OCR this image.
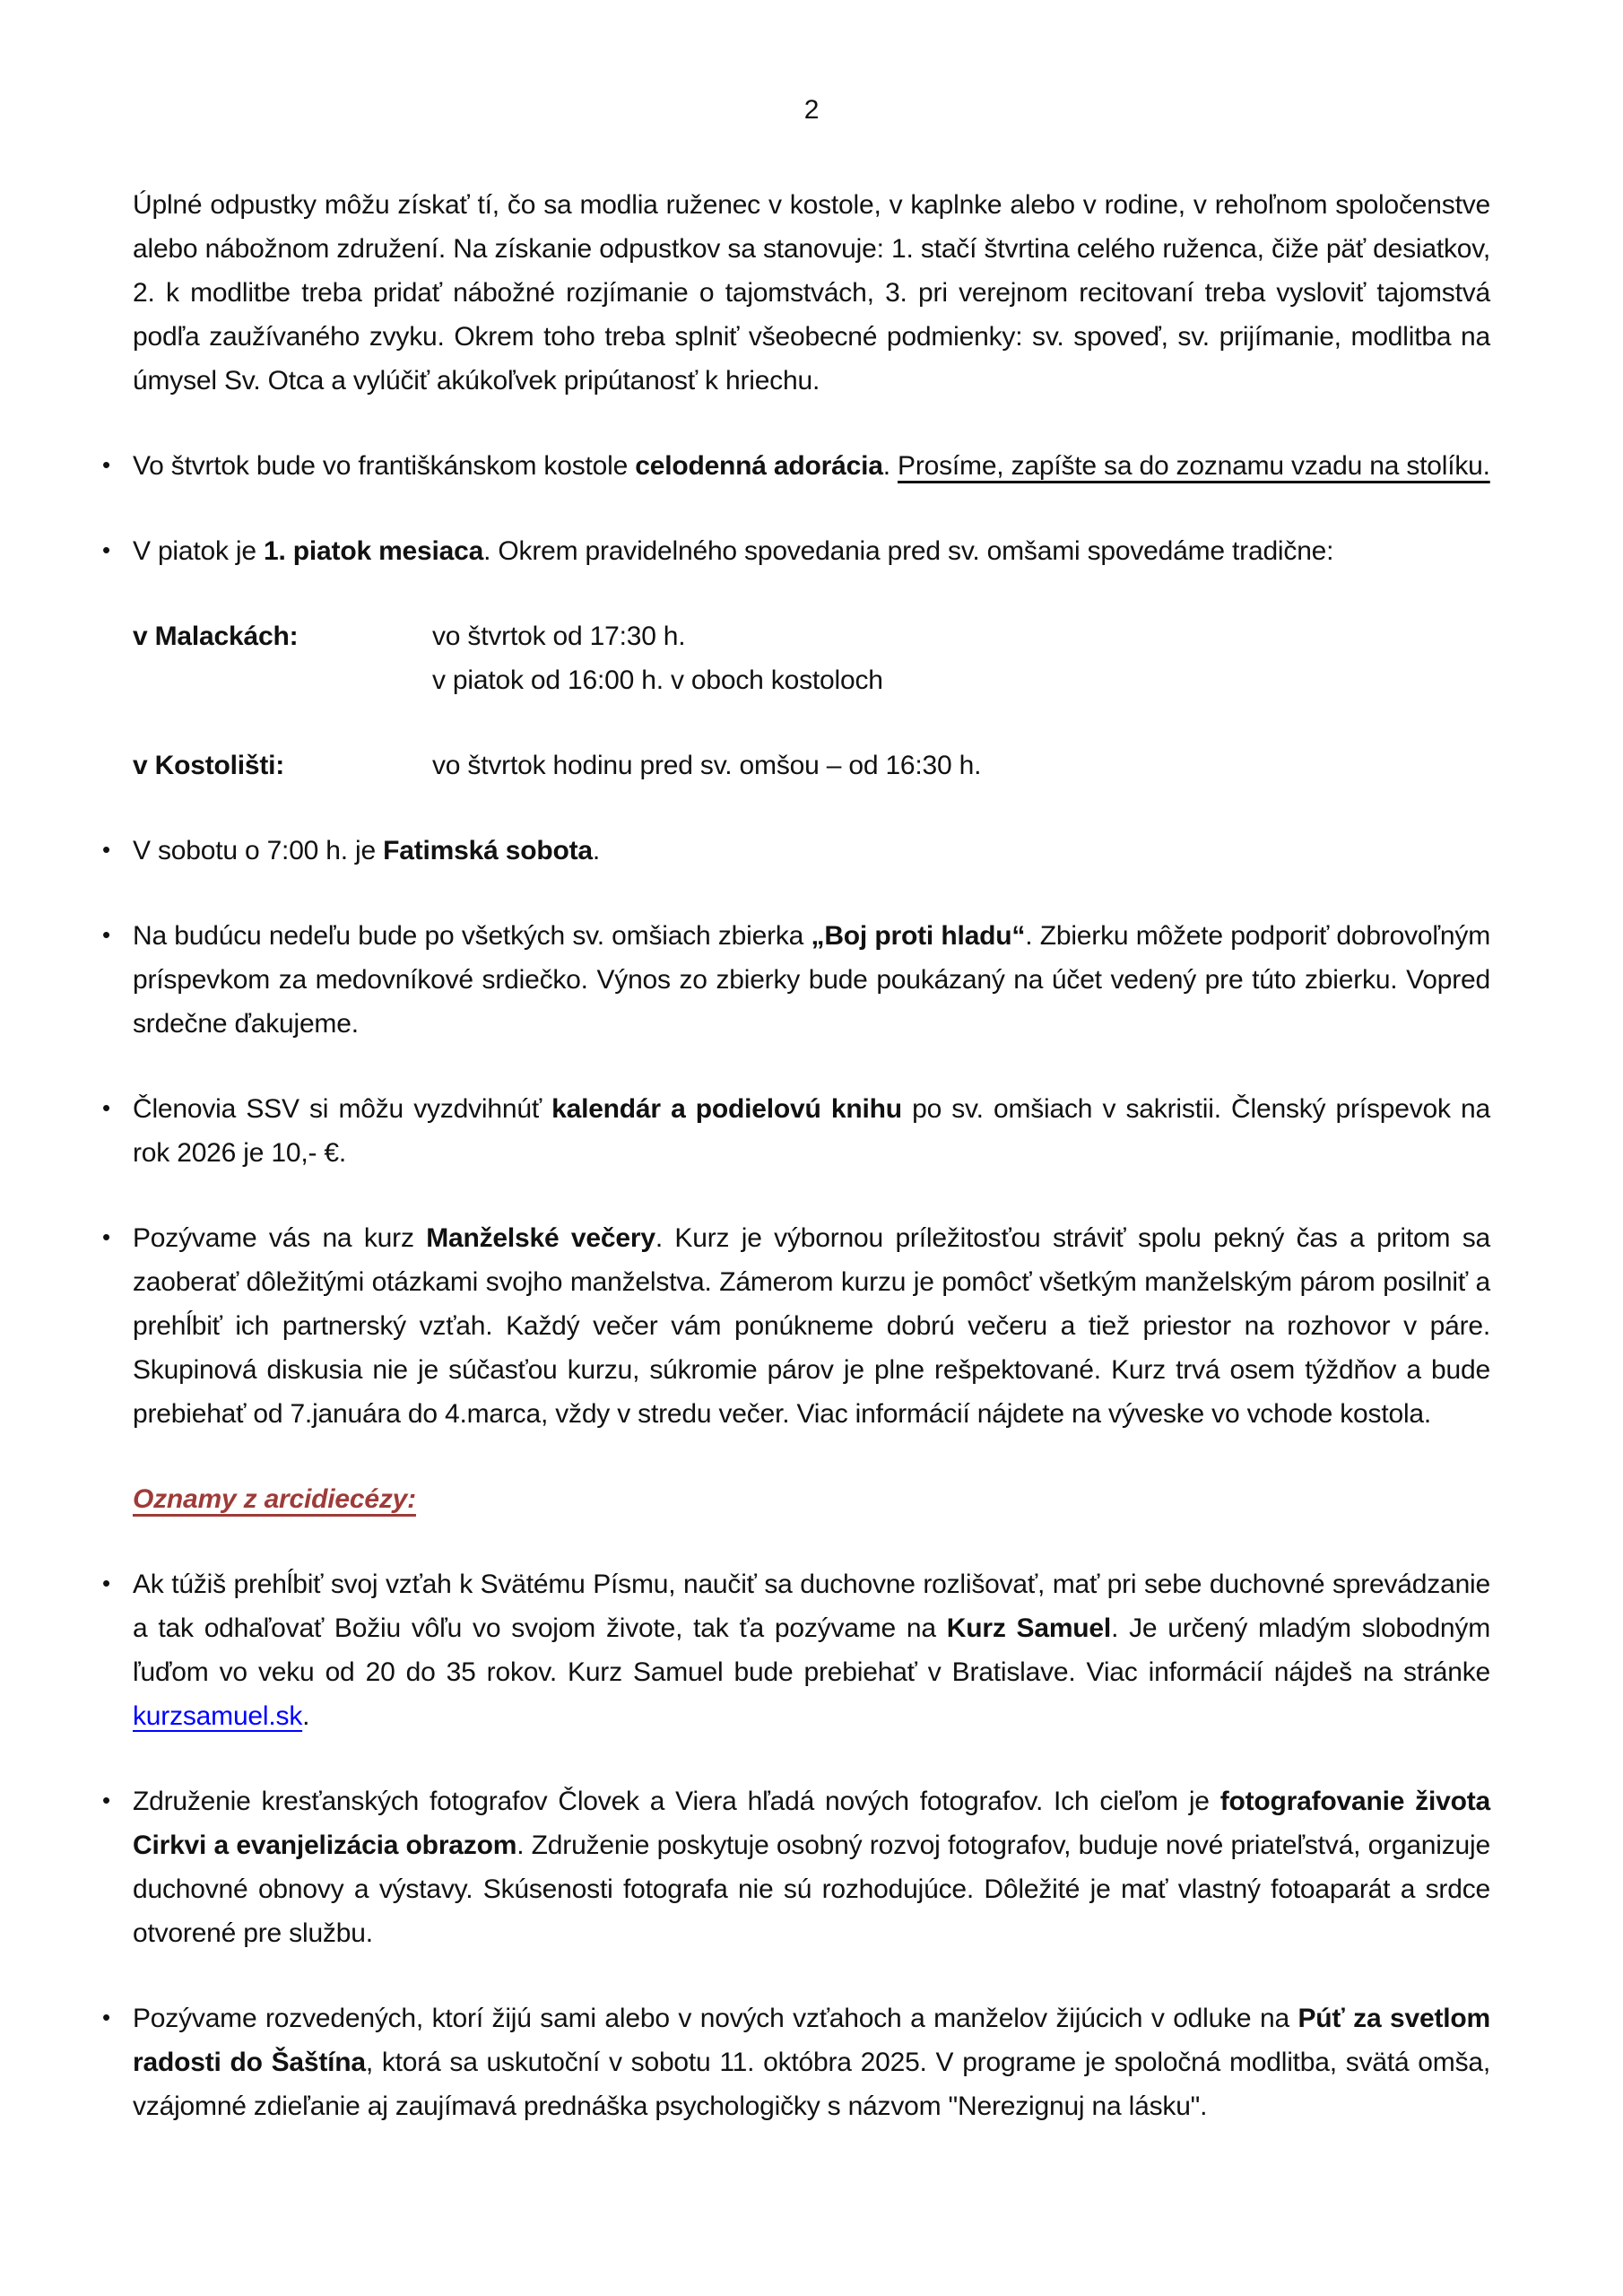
2

Úplné odpustky môžu získať tí, čo sa modlia ruženec v kostole, v kaplnke alebo v rodine, v rehoľnom spoločenstve alebo nábožnom združení. Na získanie odpustkov sa stanovuje: 1. stačí štvrtina celého ruženca, čiže päť desiatkov, 2. k modlitbe treba pridať nábožné rozjímanie o tajomstvách, 3. pri verejnom recitovaní treba vysloviť tajomstvá podľa zaužívaného zvyku. Okrem toho treba splniť všeobecné podmienky: sv. spoveď, sv. prijímanie, modlitba na úmysel Sv. Otca a vylúčiť akúkoľvek pripútanosť k hriechu.

• Vo štvrtok bude vo františkánskom kostole celodenná adorácia. Prosíme, zapíšte sa do zoznamu vzadu na stolíku.
• V piatok je 1. piatok mesiaca. Okrem pravidelného spovedania pred sv. omšami spovedáme tradične:
v Malackách:	vo štvrtok od 17:30 h.
v piatok od 16:00 h. v oboch kostoloch
v Kostolišti:	vo štvrtok hodinu pred sv. omšou – od 16:30 h.
• V sobotu o 7:00 h. je Fatimská sobota.
• Na budúcu nedeľu bude po všetkých sv. omšiach zbierka „Boj proti hladu“. Zbierku môžete podporiť dobrovoľným príspevkom za medovníkové srdiečko. Výnos zo zbierky bude poukázaný na účet vedený pre túto zbierku. Vopred srdečne ďakujeme.
• Členovia SSV si môžu vyzdvihnúť kalendár a podielovú knihu po sv. omšiach v sakristii. Členský príspevok na rok 2026 je 10,- €.
• Pozývame vás na kurz Manželské večery. Kurz je výbornou príležitosťou stráviť spolu pekný čas a pritom sa zaoberať dôležitými otázkami svojho manželstva. Zámerom kurzu je pomôcť všetkým manželským párom posilniť a prehĺbiť ich partnerský vzťah. Každý večer vám ponúkneme dobrú večeru a tiež priestor na rozhovor v páre. Skupinová diskusia nie je súčasťou kurzu, súkromie párov je plne rešpektované. Kurz trvá osem týždňov a bude prebiehať od 7.januára do 4.marca, vždy v stredu večer. Viac informácií nájdete na výveske vo vchode kostola.
Oznamy z arcidiecézy:
• Ak túžiš prehĺbiť svoj vzťah k Svätému Písmu, naučiť sa duchovne rozlišovať, mať pri sebe duchovné sprevádzanie a tak odhaľovať Božiu vôľu vo svojom živote, tak ťa pozývame na Kurz Samuel. Je určený mladým slobodným ľuďom vo veku od 20 do 35 rokov. Kurz Samuel bude prebiehať v Bratislave. Viac informácií nájdeš na stránke kurzsamuel.sk.
• Združenie kresťanských fotografov Človek a Viera hľadá nových fotografov. Ich cieľom je fotografovanie života Cirkvi a evanjelizácia obrazom. Združenie poskytuje osobný rozvoj fotografov, buduje nové priateľstvá, organizuje duchovné obnovy a výstavy. Skúsenosti fotografa nie sú rozhodujúce. Dôležité je mať vlastný fotoaparát a srdce otvorené pre službu.
• Pozývame rozvedených, ktorí žijú sami alebo v nových vzťahoch a manželov žijúcich v odluke na Púť za svetlom radosti do Šaštína, ktorá sa uskutoční v sobotu 11. októbra 2025. V programe je spoločná modlitba, svätá omša, vzájomné zdieľanie aj zaujímavá prednáška psychologičky s názvom "Nerezignuj na lásku".
